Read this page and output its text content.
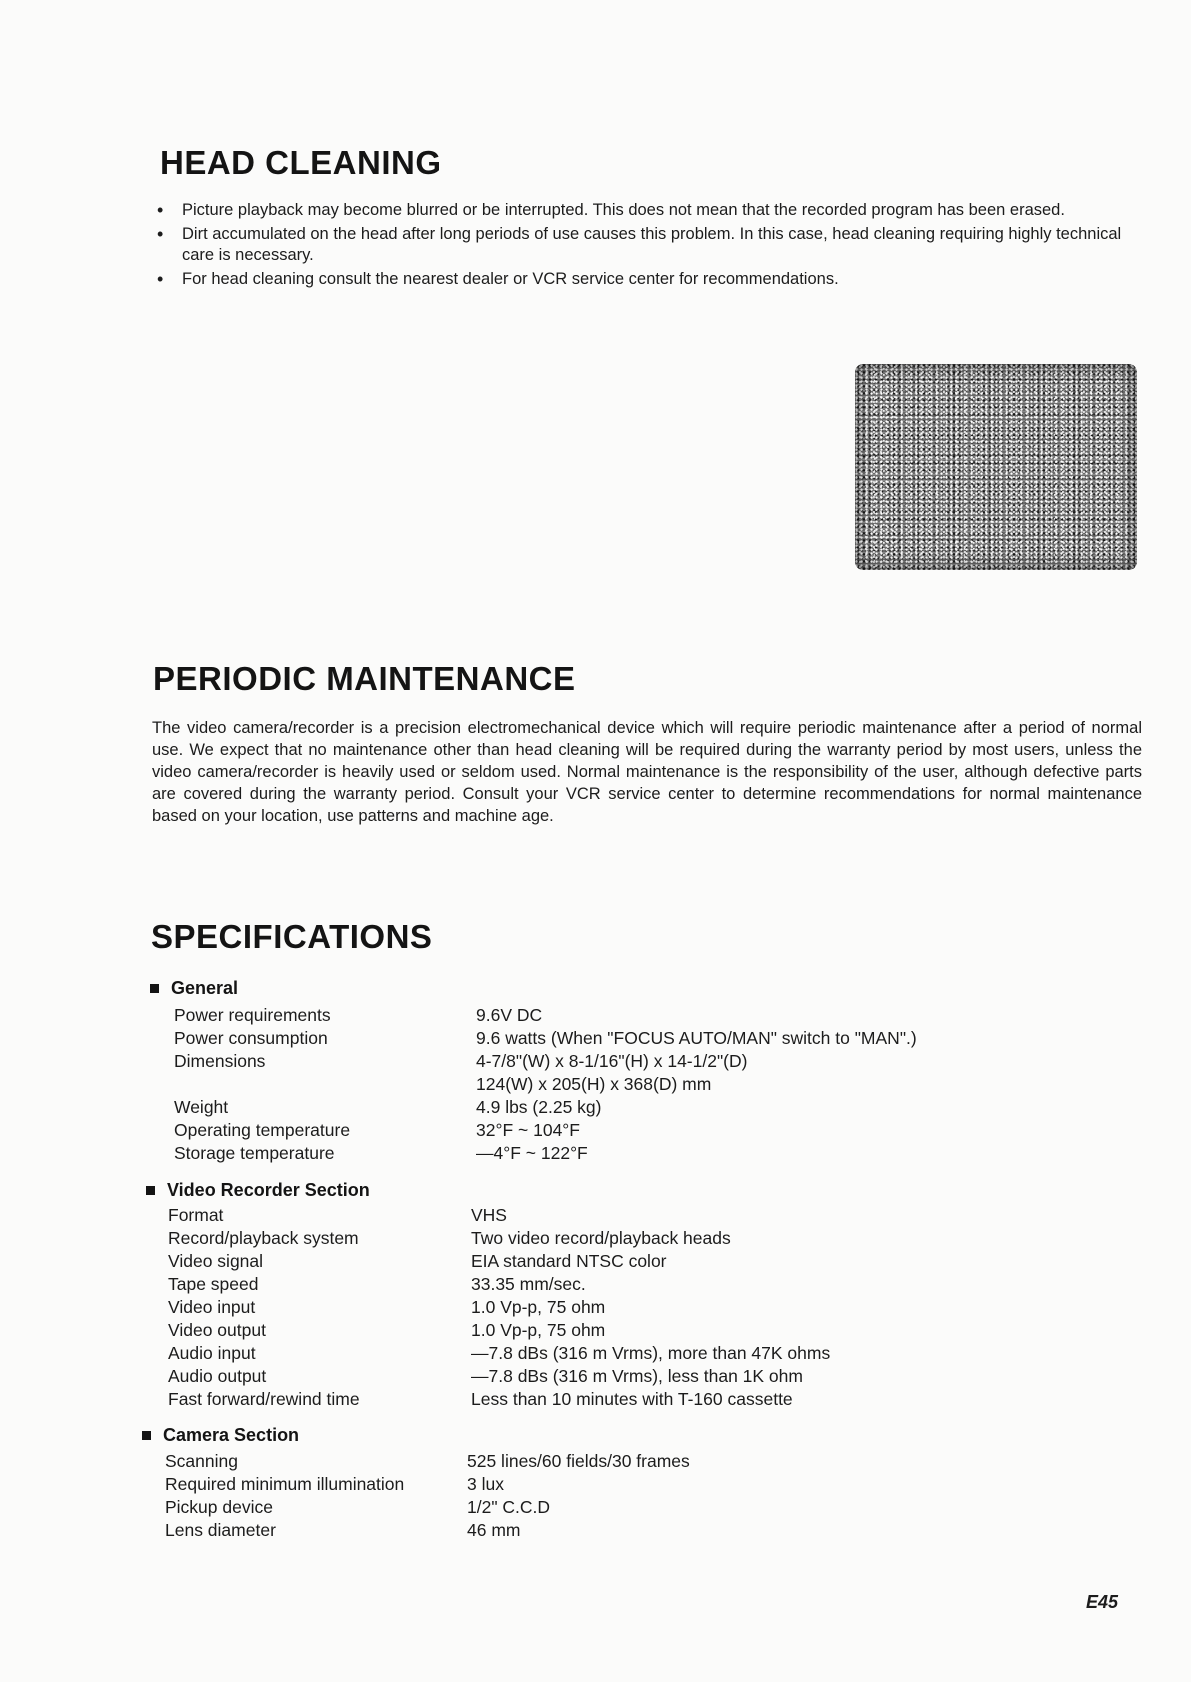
HEAD CLEANING
• Picture playback may become blurred or be interrupted. This does not mean that the recorded program has been erased.
• Dirt accumulated on the head after long periods of use causes this problem. In this case, head cleaning requiring highly technical care is necessary.
• For head cleaning consult the nearest dealer or VCR service center for recommendations.
PERIODIC MAINTENANCE

The video camera/recorder is a precision electromechanical device which will require periodic maintenance after a period of normal use. We expect that no maintenance other than head cleaning will be required during the warranty period by most users, unless the video camera/recorder is heavily used or seldom used. Normal maintenance is the responsibility of the user, although defective parts are covered during the warranty period. Consult your VCR service center to determine recommendations for normal maintenance based on your location, use patterns and machine age.

SPECIFICATIONS
General
Power requirements	9.6V DC
Power consumption	9.6 watts (When "FOCUS AUTO/MAN" switch to "MAN".)
Dimensions	4-7/8"(W) x 8-1/16"(H) x 14-1/2"(D)
124(W) x 205(H) x 368(D) mm
Weight	4.9 lbs (2.25 kg)
Operating temperature	32°F ~ 104°F
Storage temperature	—4°F ~ 122°F
Video Recorder Section
Format	VHS
Record/playback system	Two video record/playback heads
Video signal	EIA standard NTSC color
Tape speed	33.35 mm/sec.
Video input	1.0 Vp-p, 75 ohm
Video output	1.0 Vp-p, 75 ohm
Audio input	—7.8 dBs (316 m Vrms), more than 47K ohms
Audio output	—7.8 dBs (316 m Vrms), less than 1K ohm
Fast forward/rewind time	Less than 10 minutes with T-160 cassette
Camera Section
Scanning	525 lines/60 fields/30 frames
Required minimum illumination	3 lux
Pickup device	1/2" C.C.D
Lens diameter	46 mm
E45
